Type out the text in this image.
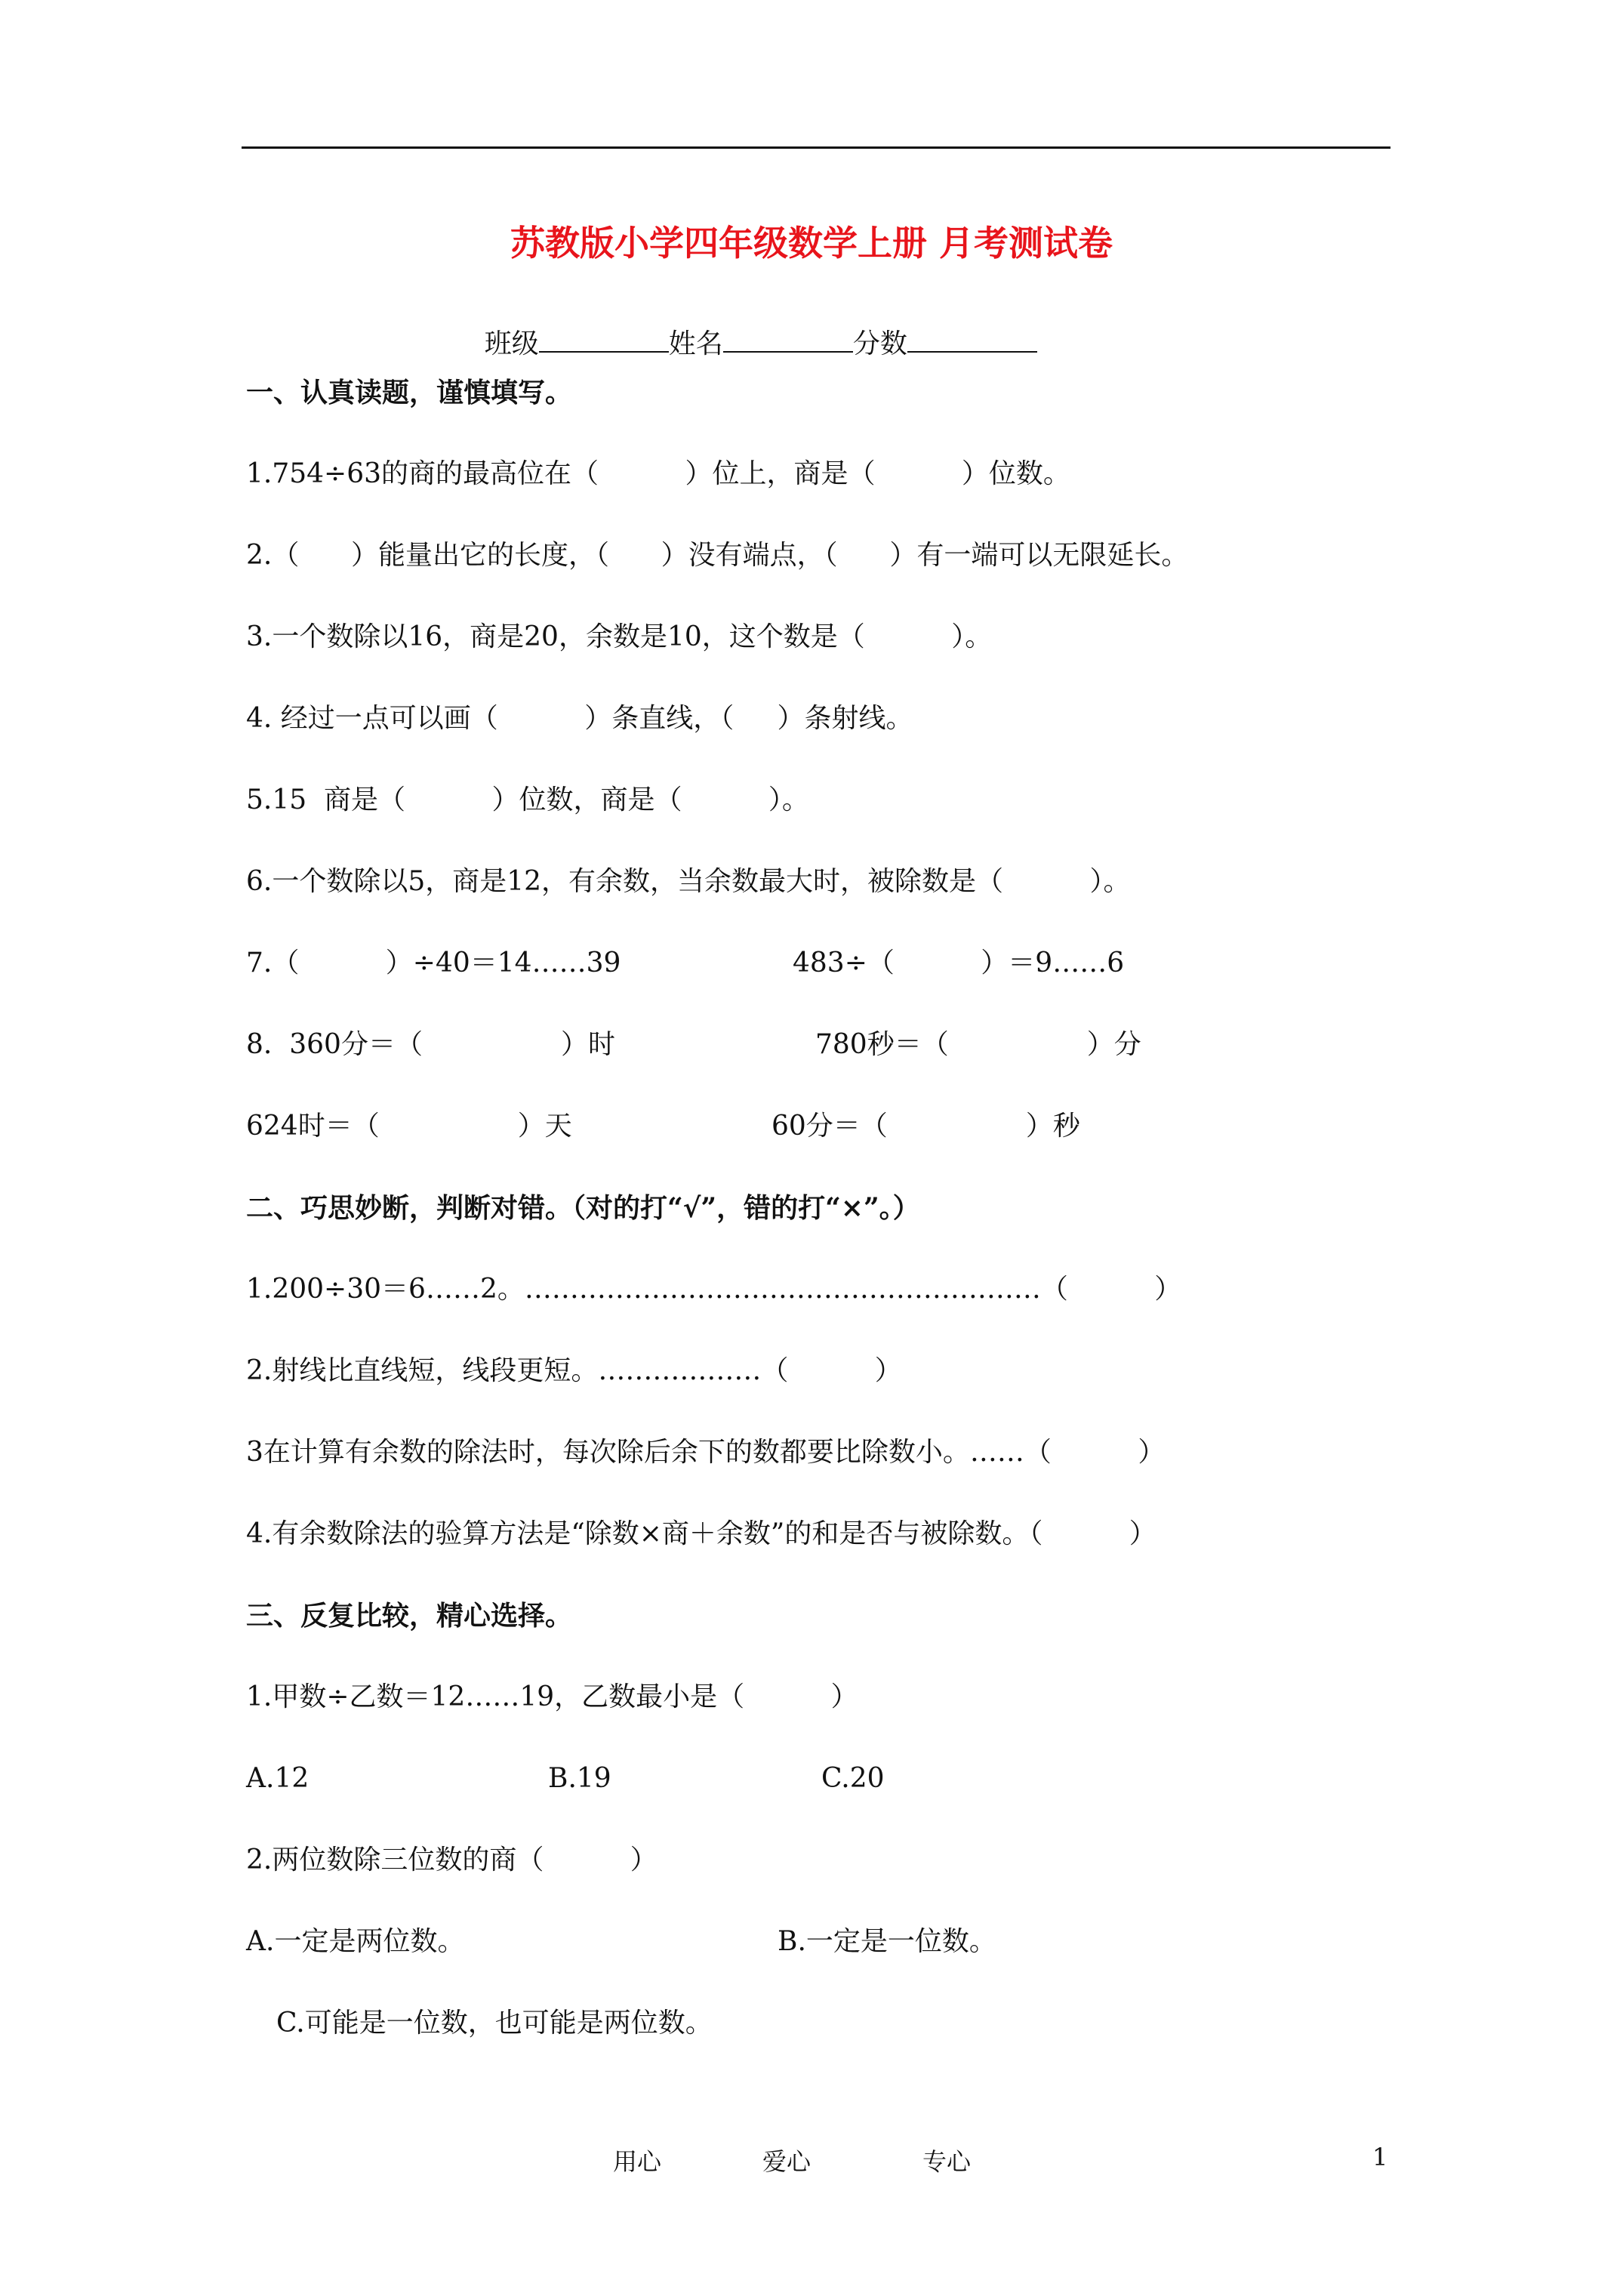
苏教版小学四年级数学上册 月考测试卷

班级	姓名	分数

一、认真读题，谨慎填写。
1.754÷63的商的最高位在（          ）位上，商是（          ）位数。
2.（      ）能量出它的长度，（      ）没有端点，（      ）有一端可以无限延长。
3.一个数除以16，商是20，余数是10，这个数是（          ）。
4. 经过一点可以画（          ）条直线，（     ）条射线。
5.15  商是（          ）位数，商是（          ）。
6.一个数除以5，商是12，有余数，当余数最大时，被除数是（          ）。
7.（          ）÷40＝14……39	483÷（          ）＝9……6
8.  360分＝（                ）时	780秒＝（                ）分
624时＝（                ）天	60分＝（                ）秒
二、巧思妙断，判断对错。（对的打“√”，错的打“×”。）
1.200÷30＝6……2。…………………………………………………（          ）
2.射线比直线短，线段更短。………………（          ）
3在计算有余数的除法时，每次除后余下的数都要比除数小。……（          ）
4.有余数除法的验算方法是“除数×商＋余数”的和是否与被除数。（          ）
三、反复比较，精心选择。
1.甲数÷乙数＝12……19，乙数最小是（          ）
A.12	B.19	C.20
2.两位数除三位数的商（          ）
A.一定是两位数。	B.一定是一位数。
C.可能是一位数，也可能是两位数。
用心	爱心	专心	1
